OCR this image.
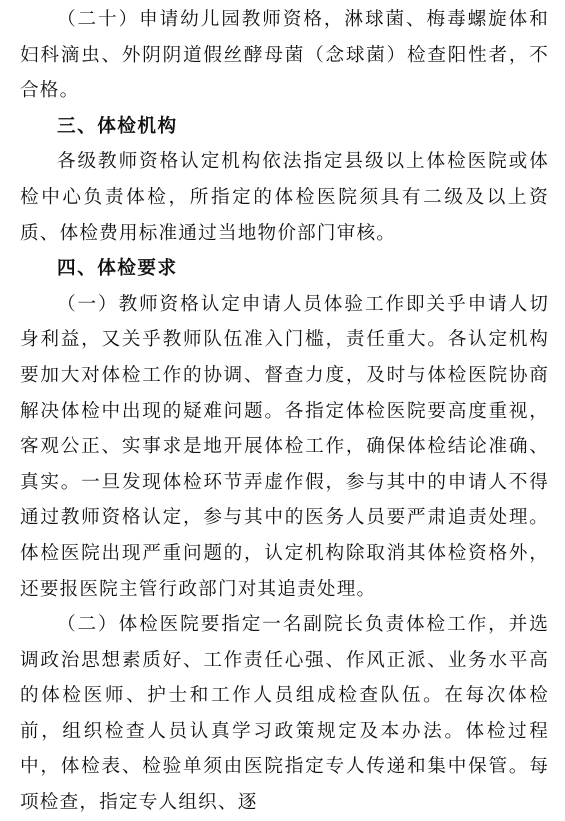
（二十）申请幼儿园教师资格，淋球菌、梅毒螺旋体和妇科滴虫、外阴阴道假丝酵母菌（念球菌）检查阳性者，不合格。

三、体检机构

各级教师资格认定机构依法指定县级以上体检医院或体检中心负责体检，所指定的体检医院须具有二级及以上资质、体检费用标准通过当地物价部门审核。

四、体检要求

（一）教师资格认定申请人员体验工作即关乎申请人切身利益，又关乎教师队伍准入门槛，责任重大。各认定机构要加大对体检工作的协调、督查力度，及时与体检医院协商解决体检中出现的疑难问题。各指定体检医院要高度重视，客观公正、实事求是地开展体检工作，确保体检结论准确、真实。一旦发现体检环节弄虚作假，参与其中的申请人不得通过教师资格认定，参与其中的医务人员要严肃追责处理。体检医院出现严重问题的，认定机构除取消其体检资格外，还要报医院主管行政部门对其追责处理。

（二）体检医院要指定一名副院长负责体检工作，并选调政治思想素质好、工作责任心强、作风正派、业务水平高的体检医师、护士和工作人员组成检查队伍。在每次体检前，组织检查人员认真学习政策规定及本办法。体检过程中，体检表、检验单须由医院指定专人传递和集中保管。每项检查，指定专人组织、逐
